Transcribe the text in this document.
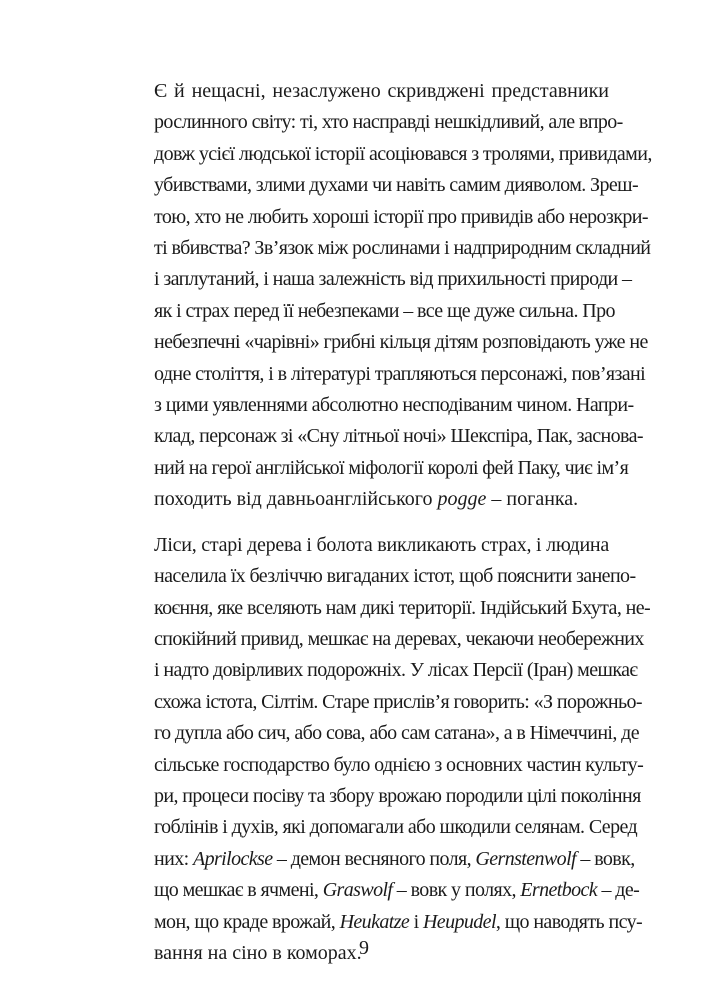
Є й нещасні, незаслужено скривджені представники
рослинного світу: ті, хто насправді нешкідливий, але впро-
довж усієї людської історії асоціювався з тролями, привидами,
убивствами, злими духами чи навіть самим дияволом. Зреш-
тою, хто не любить хороші історії про привидів або нерозкри-
ті вбивства? Зв’язок між рослинами і надприродним складний
і заплутаний, і наша залежність від прихильності природи –
як і страх перед її небезпеками – все ще дуже сильна. Про
небезпечні «чарівні» грибні кільця дітям розповідають уже не
одне століття, і в літературі трапляються персонажі, пов’язані
з цими уявленнями абсолютно несподіваним чином. Напри-
клад, персонаж зі «Сну літньої ночі» Шекспіра, Пак, заснова-
ний на герої англійської міфології королі фей Паку, чиє ім’я
походить від давньоанглійського pogge – поганка.

Ліси, старі дерева і болота викликають страх, і людина
населила їх безліччю вигаданих істот, щоб пояснити занепо-
коєння, яке вселяють нам дикі території. Індійський Бхута, не-
спокійний привид, мешкає на деревах, чекаючи необережних
і надто довірливих подорожніх. У лісах Персії (Іран) мешкає
схожа істота, Сілтім. Старе прислів’я говорить: «З порожньо-
го дупла або сич, або сова, або сам сатана», а в Німеччині, де
сільське господарство було однією з основних частин культу-
ри, процеси посіву та збору врожаю породили цілі покоління
гоблінів і духів, які допомагали або шкодили селянам. Серед
них: Aprilockse – демон весняного поля, Gernstenwolf – вовк,
що мешкає в ячмені, Graswolf – вовк у полях, Ernetbock – де-
мон, що краде врожай, Heukatze і Heupudel, що наводять псу-
вання на сіно в коморах.

9
